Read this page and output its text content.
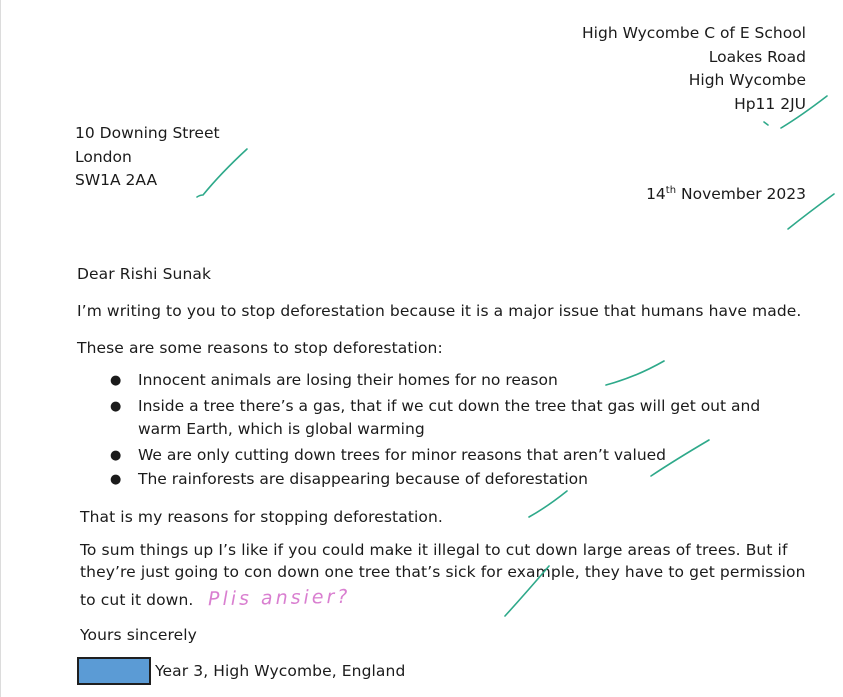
High Wycombe C of E School
Loakes Road
High Wycombe
Hp11 2JU
10 Downing Street
London
SW1A 2AA
14th November 2023
Dear Rishi Sunak
I’m writing to you to stop deforestation because it is a major issue that humans have made.
These are some reasons to stop deforestation:
● Innocent animals are losing their homes for no reason
● Inside a tree there’s a gas, that if we cut down the tree that gas will get out and warm Earth, which is global warming
● We are only cutting down trees for minor reasons that aren’t valued
● The rainforests are disappearing because of deforestation
That is my reasons for stopping deforestation.
To sum things up I’s like if you could make it illegal to cut down large areas of trees. But if
they’re just going to con down one tree that’s sick for example, they have to get permission
to cut it down. Plis ansier?
Yours sincerely
Year 3, High Wycombe, England
